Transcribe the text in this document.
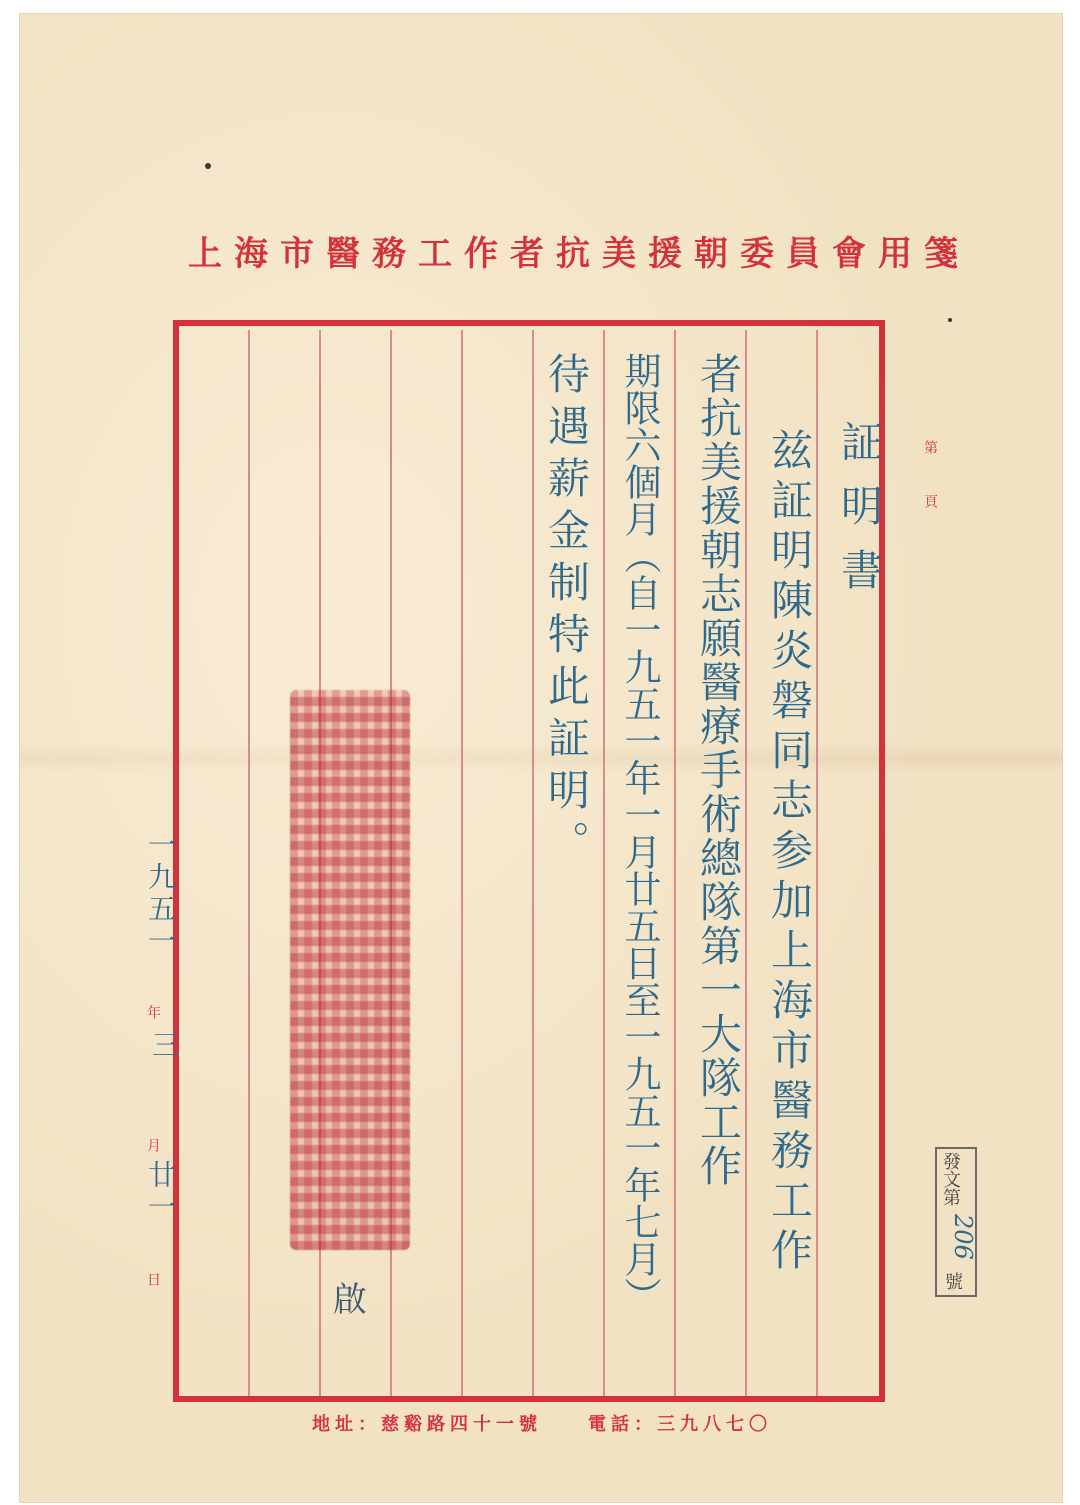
上海市醫務工作者抗美援朝委員會用箋
第　　頁
証明書
兹証明陳炎磐同志参加上海市醫務工作
者抗美援朝志願醫療手術總隊第一大隊工作
期限六個月（自一九五一年一月廿五日至一九五一年七月）
待遇薪金制特此証明。
啟
一九五一
年
三
月
廿一
日
發文第
206
號
地址：慈谿路四十一號	電話：三九八七〇
